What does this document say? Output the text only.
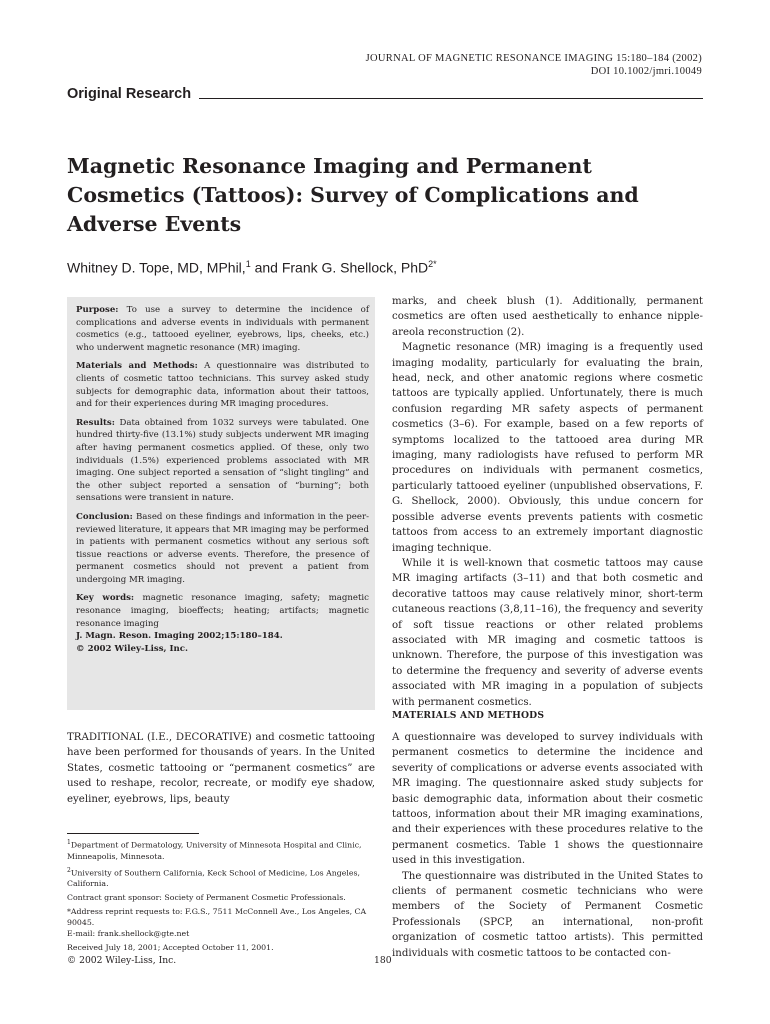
JOURNAL OF MAGNETIC RESONANCE IMAGING 15:180–184 (2002)
DOI 10.1002/jmri.10049
Original Research
Magnetic Resonance Imaging and Permanent Cosmetics (Tattoos): Survey of Complications and Adverse Events
Whitney D. Tope, MD, MPhil,$^1$ and Frank G. Shellock, PhD$^{2*}$

Purpose: To use a survey to determine the incidence of complications and adverse events in individuals with permanent cosmetics (e.g., tattooed eyeliner, eyebrows, lips, cheeks, etc.) who underwent magnetic resonance (MR) imaging.

Materials and Methods: A questionnaire was distributed to clients of cosmetic tattoo technicians. This survey asked study subjects for demographic data, information about their tattoos, and for their experiences during MR imaging procedures.

Results: Data obtained from 1032 surveys were tabulated. One hundred thirty-five (13.1%) study subjects underwent MR imaging after having permanent cosmetics applied. Of these, only two individuals (1.5%) experienced problems associated with MR imaging. One subject reported a sensation of “slight tingling” and the other subject reported a sensation of “burning”; both sensations were transient in nature.

Conclusion: Based on these findings and information in the peer-reviewed literature, it appears that MR imaging may be performed in patients with permanent cosmetics without any serious soft tissue reactions or adverse events. Therefore, the presence of permanent cosmetics should not prevent a patient from undergoing MR imaging.

Key words: magnetic resonance imaging, safety; magnetic resonance imaging, bioeffects; heating; artifacts; magnetic resonance imaging

J. Magn. Reson. Imaging 2002;15:180–184.

© 2002 Wiley-Liss, Inc.

TRADITIONAL (I.E., DECORATIVE) and cosmetic tattooing have been performed for thousands of years. In the United States, cosmetic tattooing or “permanent cosmetics” are used to reshape, recolor, recreate, or modify eye shadow, eyeliner, eyebrows, lips, beauty

marks, and cheek blush (1). Additionally, permanent cosmetics are often used aesthetically to enhance nipple-areola reconstruction (2).

Magnetic resonance (MR) imaging is a frequently used imaging modality, particularly for evaluating the brain, head, neck, and other anatomic regions where cosmetic tattoos are typically applied. Unfortunately, there is much confusion regarding MR safety aspects of permanent cosmetics (3–6). For example, based on a few reports of symptoms localized to the tattooed area during MR imaging, many radiologists have refused to perform MR procedures on individuals with permanent cosmetics, particularly tattooed eyeliner (unpublished observations, F. G. Shellock, 2000). Obviously, this undue concern for possible adverse events prevents patients with cosmetic tattoos from access to an extremely important diagnostic imaging technique.

While it is well-known that cosmetic tattoos may cause MR imaging artifacts (3–11) and that both cosmetic and decorative tattoos may cause relatively minor, short-term cutaneous reactions (3,8,11–16), the frequency and severity of soft tissue reactions or other related problems associated with MR imaging and cosmetic tattoos is unknown. Therefore, the purpose of this investigation was to determine the frequency and severity of adverse events associated with MR imaging in a population of subjects with permanent cosmetics.

MATERIALS AND METHODS

A questionnaire was developed to survey individuals with permanent cosmetics to determine the incidence and severity of complications or adverse events associated with MR imaging. The questionnaire asked study subjects for basic demographic data, information about their cosmetic tattoos, information about their MR imaging examinations, and their experiences with these procedures relative to the permanent cosmetics. Table 1 shows the questionnaire used in this investigation.

The questionnaire was distributed in the United States to clients of permanent cosmetic technicians who were members of the Society of Permanent Cosmetic Professionals (SPCP, an international, non-profit organization of cosmetic tattoo artists). This permitted individuals with cosmetic tattoos to be contacted con-

$^1$Department of Dermatology, University of Minnesota Hospital and Clinic, Minneapolis, Minnesota.

$^2$University of Southern California, Keck School of Medicine, Los Angeles, California.

Contract grant sponsor: Society of Permanent Cosmetic Professionals.

*Address reprint requests to: F.G.S., 7511 McConnell Ave., Los Angeles, CA 90045.

E-mail: frank.shellock@gte.net

Received July 18, 2001; Accepted October 11, 2001.

© 2002 Wiley-Liss, Inc.	180
